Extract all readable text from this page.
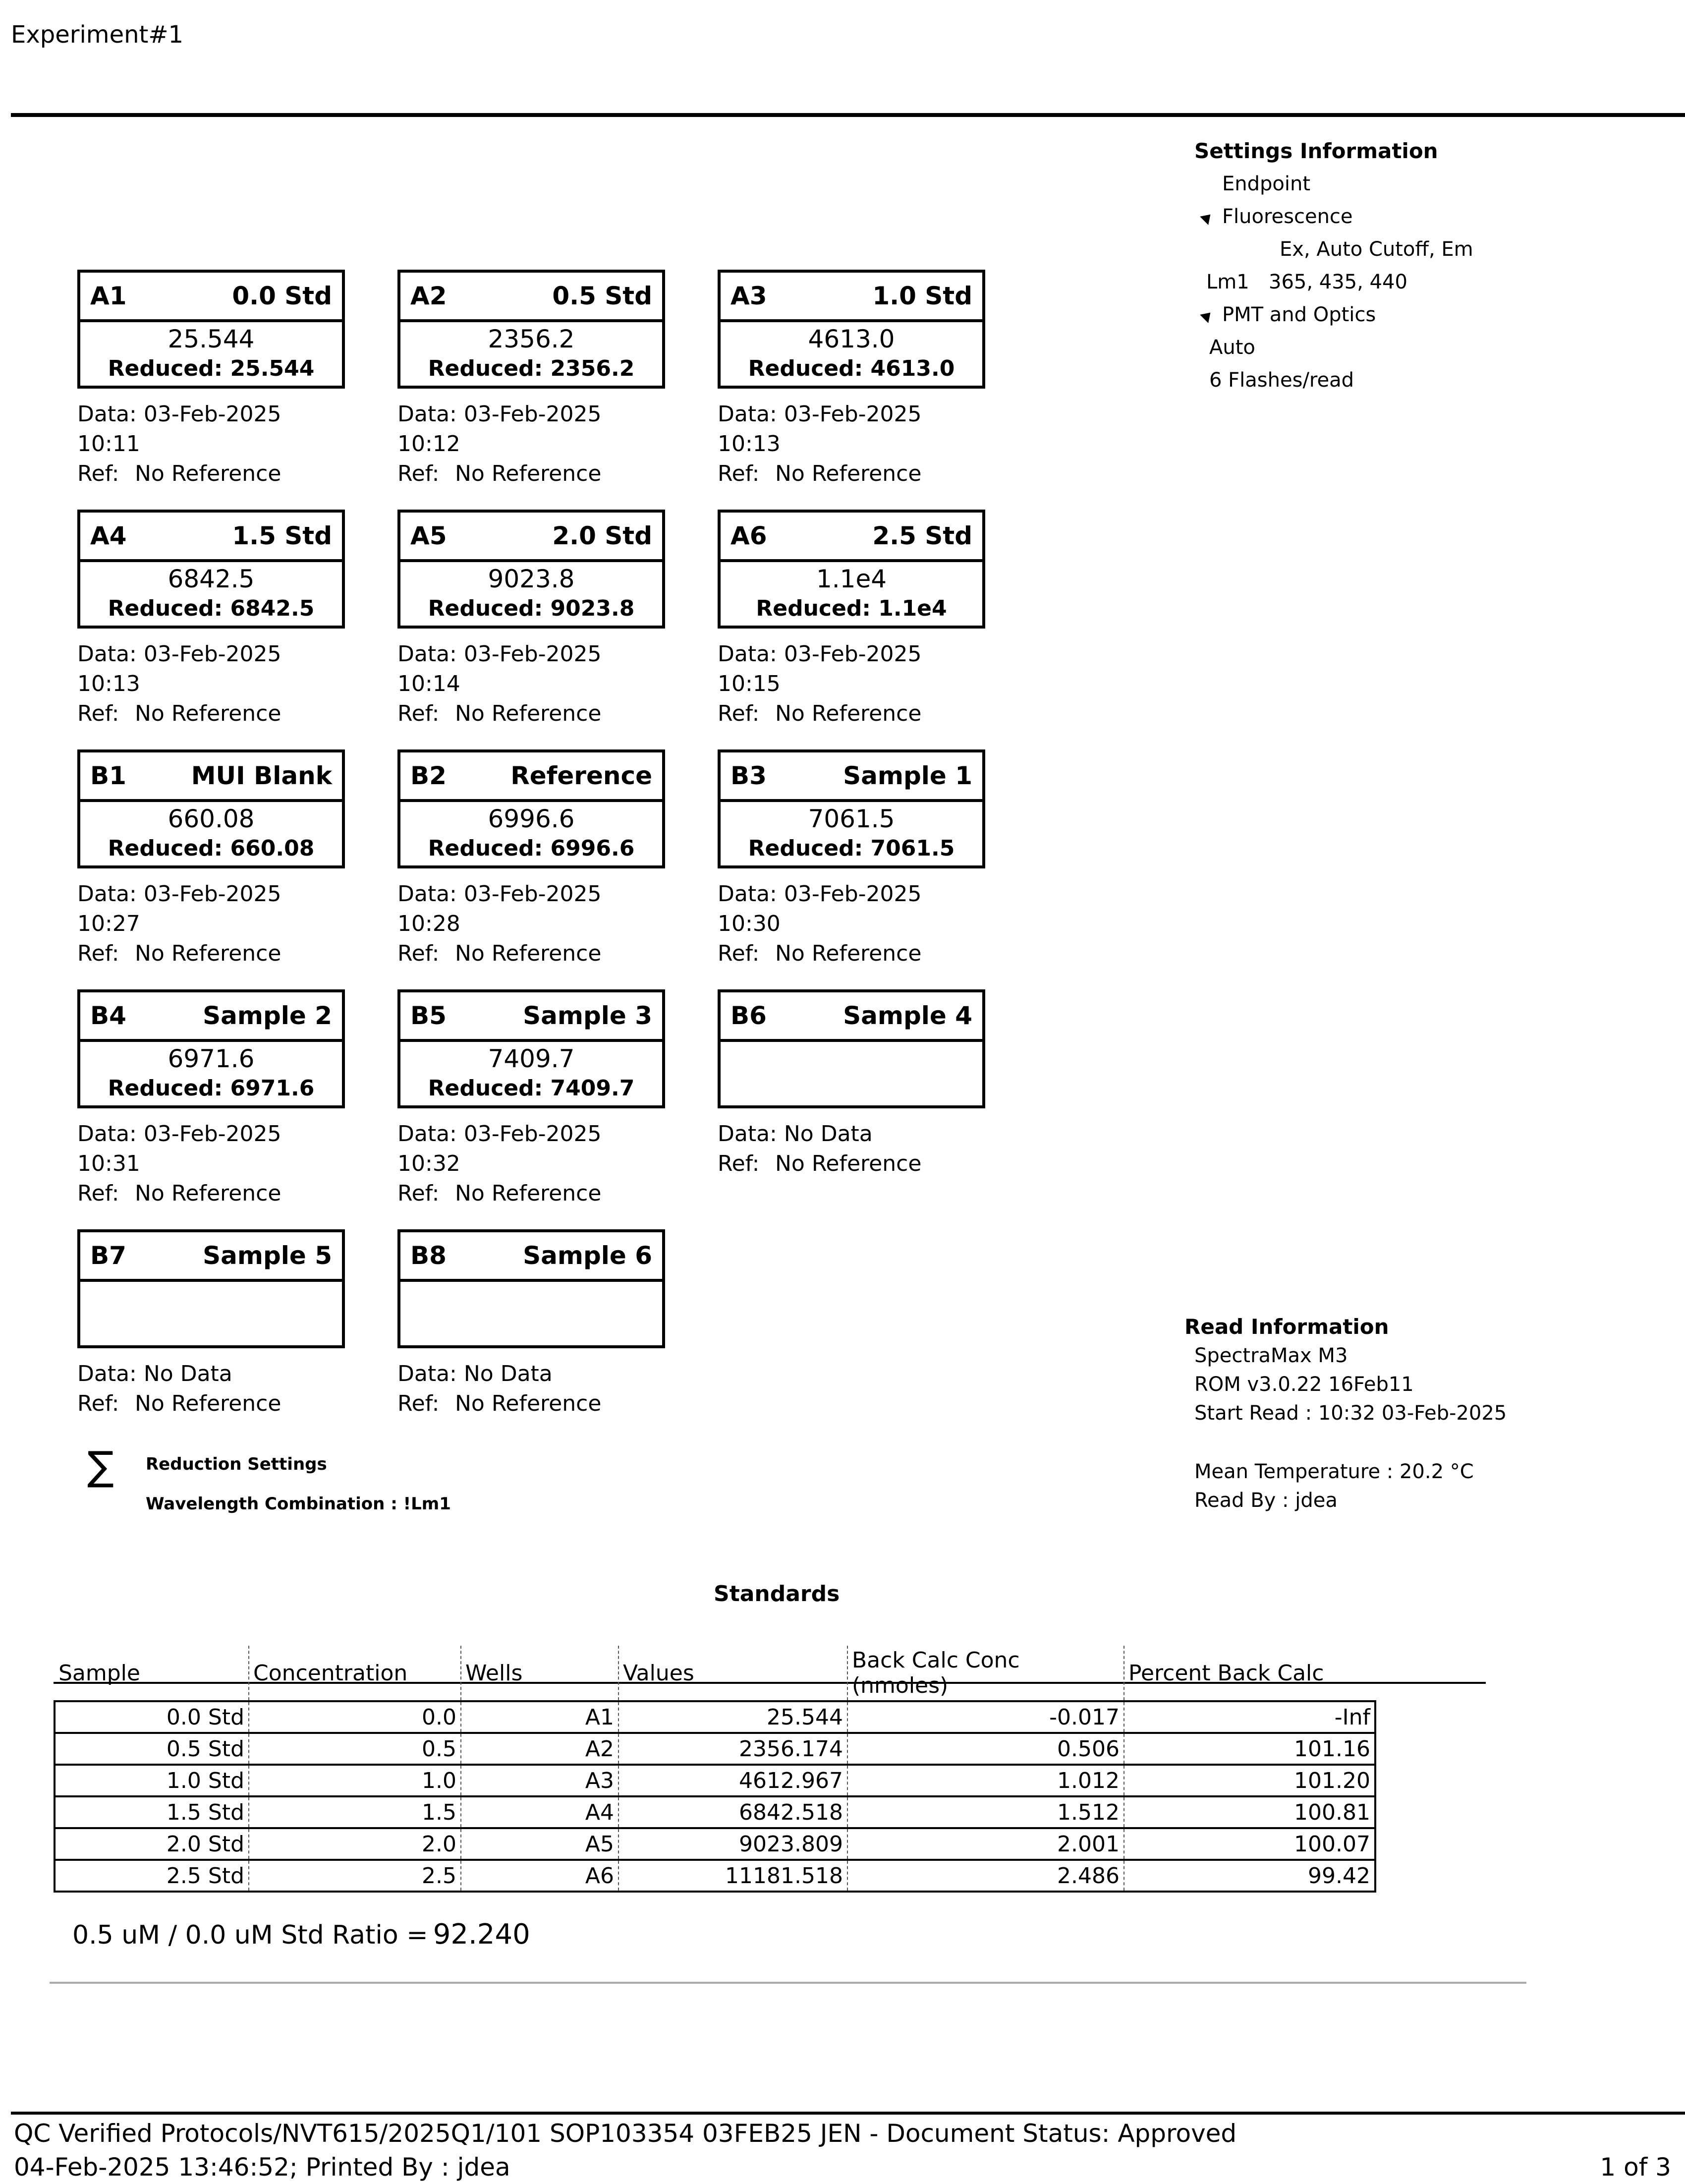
Experiment#1
A1	0.0 Std
25.544
Reduced: 25.544
Data: 03-Feb-2025 10:11
Ref: No Reference
A2	0.5 Std
2356.2
Reduced: 2356.2
Data: 03-Feb-2025 10:12
Ref: No Reference
A3	1.0 Std
4613.0
Reduced: 4613.0
Data: 03-Feb-2025 10:13
Ref: No Reference
A4	1.5 Std
6842.5
Reduced: 6842.5
Data: 03-Feb-2025 10:13
Ref: No Reference
A5	2.0 Std
9023.8
Reduced: 9023.8
Data: 03-Feb-2025 10:14
Ref: No Reference
A6	2.5 Std
1.1e4
Reduced: 1.1e4
Data: 03-Feb-2025 10:15
Ref: No Reference
B1	MUI Blank
660.08
Reduced: 660.08
Data: 03-Feb-2025 10:27
Ref: No Reference
B2	Reference
6996.6
Reduced: 6996.6
Data: 03-Feb-2025 10:28
Ref: No Reference
B3	Sample 1
7061.5
Reduced: 7061.5
Data: 03-Feb-2025 10:30
Ref: No Reference
B4	Sample 2
6971.6
Reduced: 6971.6
Data: 03-Feb-2025 10:31
Ref: No Reference
B5	Sample 3
7409.7
Reduced: 7409.7
Data: 03-Feb-2025 10:32
Ref: No Reference
B6	Sample 4
Data: No Data
Ref: No Reference
B7	Sample 5
Data: No Data
Ref: No Reference
B8	Sample 6
Data: No Data
Ref: No Reference
Settings Information
Endpoint
Fluorescence
Ex, Auto Cutoff, Em
Lm1 365, 435, 440
PMT and Optics
Auto
6 Flashes/read
Read Information
SpectraMax M3
ROM v3.0.22 16Feb11
Start Read : 10:32 03-Feb-2025
Mean Temperature : 20.2 °C
Read By : jdea
∑ Reduction Settings
Wavelength Combination : !Lm1
Standards
Sample	Concentration	Wells	Values	Back Calc Conc (nmoles)	Percent Back Calc
0.0 Std	0.0	A1	25.544	-0.017	-Inf
0.5 Std	0.5	A2	2356.174	0.506	101.16
1.0 Std	1.0	A3	4612.967	1.012	101.20
1.5 Std	1.5	A4	6842.518	1.512	100.81
2.0 Std	2.0	A5	9023.809	2.001	100.07
2.5 Std	2.5	A6	11181.518	2.486	99.42
0.5 uM / 0.0 uM Std Ratio = 92.240
QC Verified Protocols/NVT615/2025Q1/101 SOP103354 03FEB25 JEN - Document Status: Approved
04-Feb-2025 13:46:52; Printed By : jdea	1 of 3
